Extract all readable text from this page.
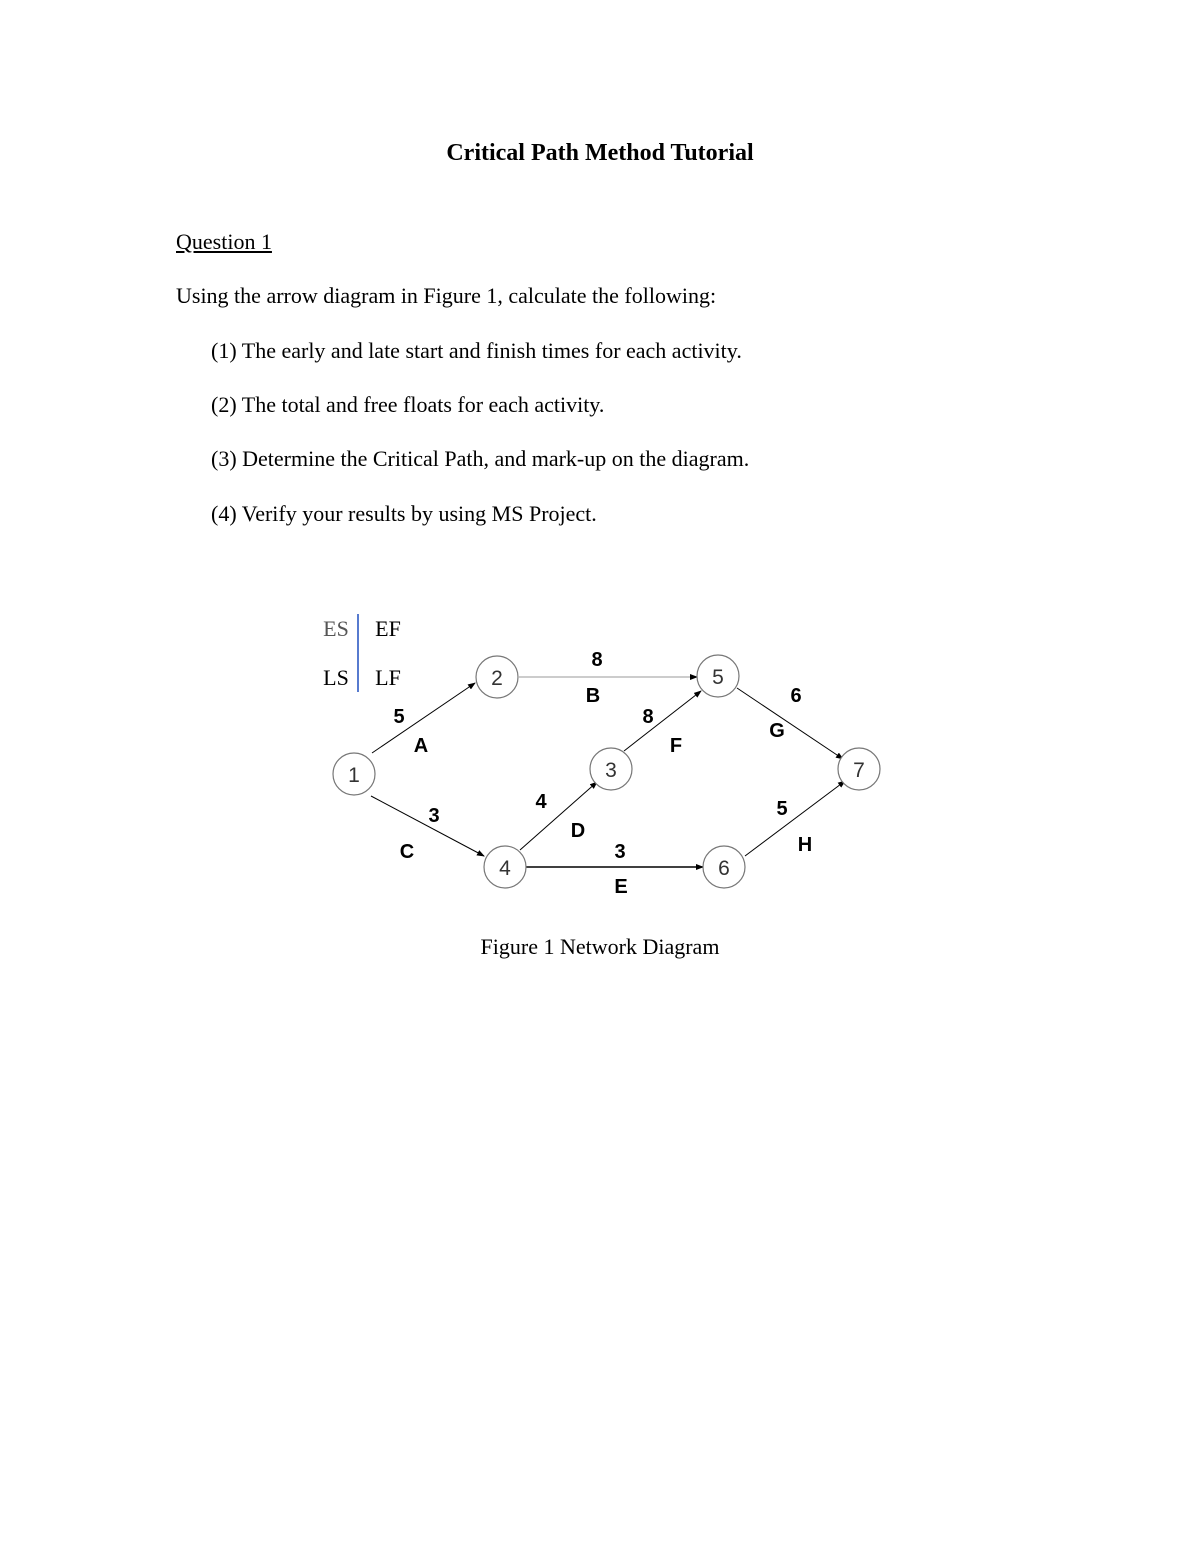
Critical Path Method Tutorial
Question 1
Using the arrow diagram in Figure 1, calculate the following:
(1) The early and late start and finish times for each activity.
(2) The total and free floats for each activity.
(3) Determine the Critical Path, and mark-up on the diagram.
(4) Verify your results by using MS Project.
ES EF
LS LF
1
2
3
4
5
6
7
5
A
8
B
3
C
4
D
3
E
8
F
6
G
5
H
Figure 1 Network Diagram
